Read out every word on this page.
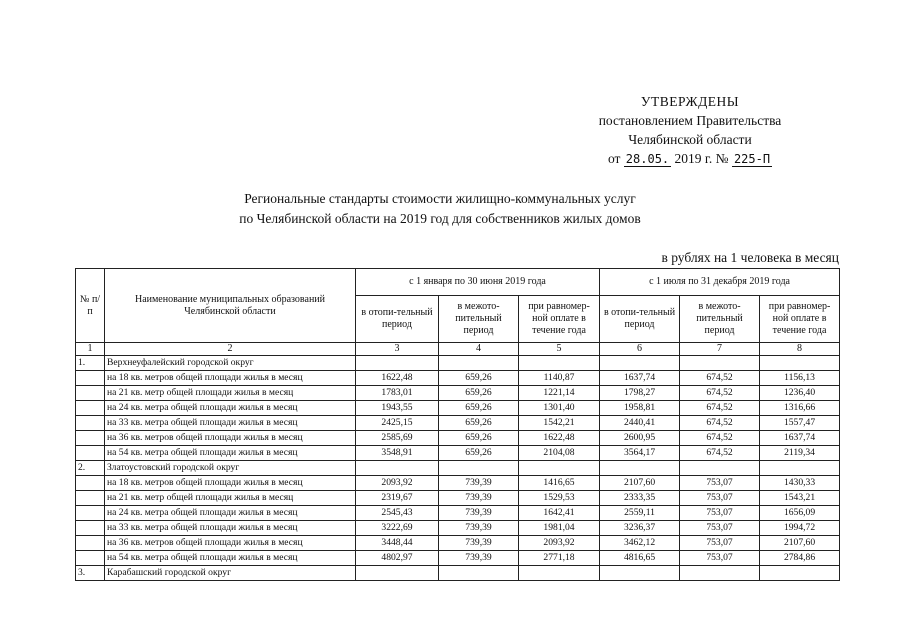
УТВЕРЖДЕНЫ
постановлением Правительства
Челябинской области
от 28.05. 2019 г. № 225-П
Региональные стандарты стоимости жилищно-коммунальных услуг
по Челябинской области на 2019 год для собственников жилых домов
в рублях на 1 человека в месяц
№ п/п	Наименование муниципальных образований Челябинской области	с 1 января по 30 июня 2019 года			с 1 июля по 31 декабря 2019 года		
		в отопи-тельный период	в межото-пительный период	при равномер-ной оплате в течение года	в отопи-тельный период	в межото-пительный период	при равномер-ной оплате в течение года
1	2	3	4	5	6	7	8
1.	Верхнеуфалейский городской округ						
	на 18 кв. метров общей площади жилья в месяц	1622,48	659,26	1140,87	1637,74	674,52	1156,13
	на 21 кв. метр общей площади жилья в месяц	1783,01	659,26	1221,14	1798,27	674,52	1236,40
	на 24 кв. метра общей площади жилья в месяц	1943,55	659,26	1301,40	1958,81	674,52	1316,66
	на 33 кв. метра общей площади жилья в месяц	2425,15	659,26	1542,21	2440,41	674,52	1557,47
	на 36 кв. метров общей площади жилья в месяц	2585,69	659,26	1622,48	2600,95	674,52	1637,74
	на 54 кв. метра общей площади жилья в месяц	3548,91	659,26	2104,08	3564,17	674,52	2119,34
2.	Златоустовский городской округ						
	на 18 кв. метров общей площади жилья в месяц	2093,92	739,39	1416,65	2107,60	753,07	1430,33
	на 21 кв. метр общей площади жилья в месяц	2319,67	739,39	1529,53	2333,35	753,07	1543,21
	на 24 кв. метра общей площади жилья в месяц	2545,43	739,39	1642,41	2559,11	753,07	1656,09
	на 33 кв. метра общей площади жилья в месяц	3222,69	739,39	1981,04	3236,37	753,07	1994,72
	на 36 кв. метров общей площади жилья в месяц	3448,44	739,39	2093,92	3462,12	753,07	2107,60
	на 54 кв. метра общей площади жилья в месяц	4802,97	739,39	2771,18	4816,65	753,07	2784,86
3.	Карабашский городской округ						
